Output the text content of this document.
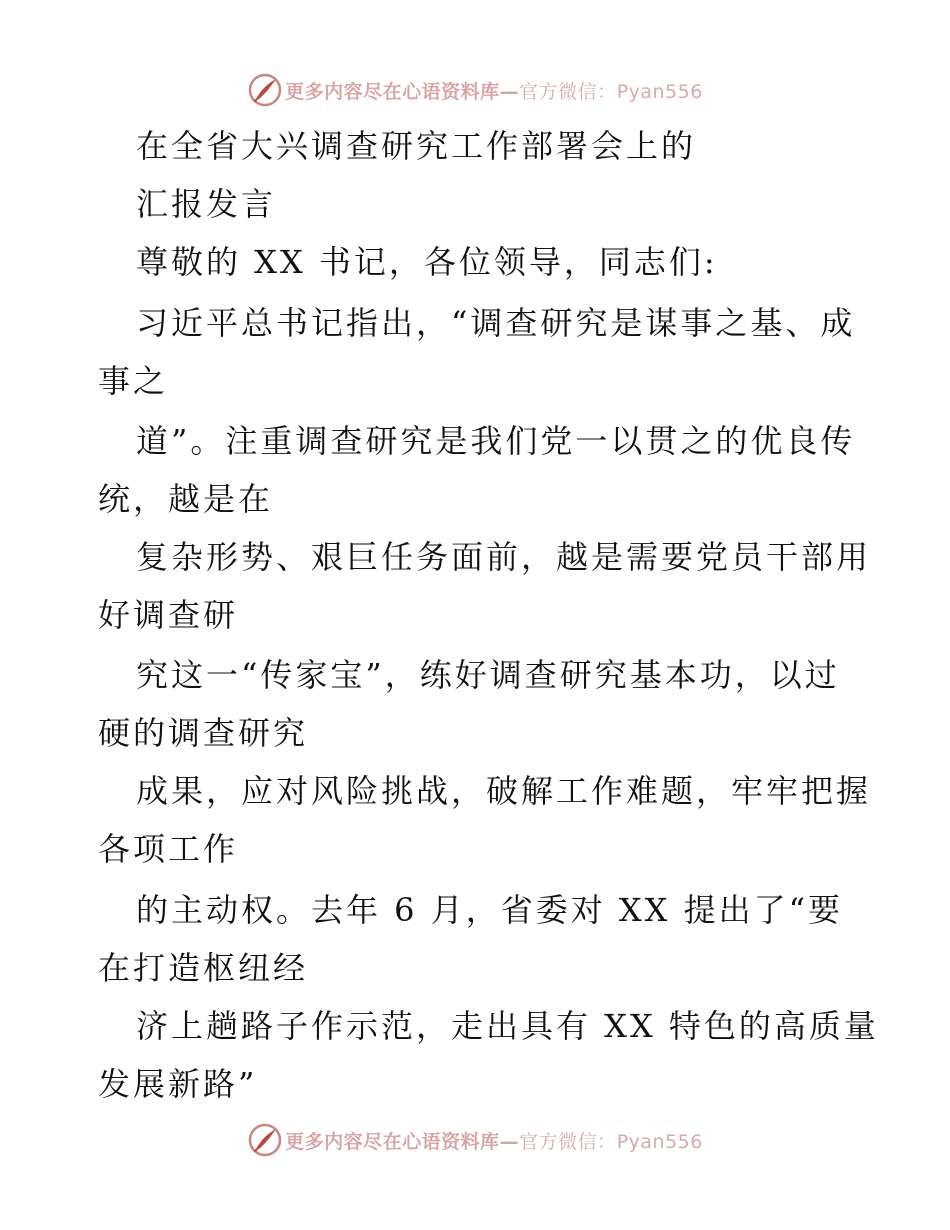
更多内容尽在心语资料库—官方微信：Pyan556
在全省大兴调查研究工作部署会上的
汇报发言
尊敬的 XX 书记，各位领导，同志们:
习近平总书记指出，“调查研究是谋事之基、成
事之
道”。注重调查研究是我们党一以贯之的优良传
统，越是在
复杂形势、艰巨任务面前，越是需要党员干部用
好调查研
究这一“传家宝”，练好调查研究基本功，以过
硬的调查研究
成果，应对风险挑战，破解工作难题，牢牢把握
各项工作
的主动权。去年 6 月，省委对 XX 提出了“要
在打造枢纽经
济上趟路子作示范，走出具有 XX 特色的高质量
发展新路”
更多内容尽在心语资料库—官方微信：Pyan556
